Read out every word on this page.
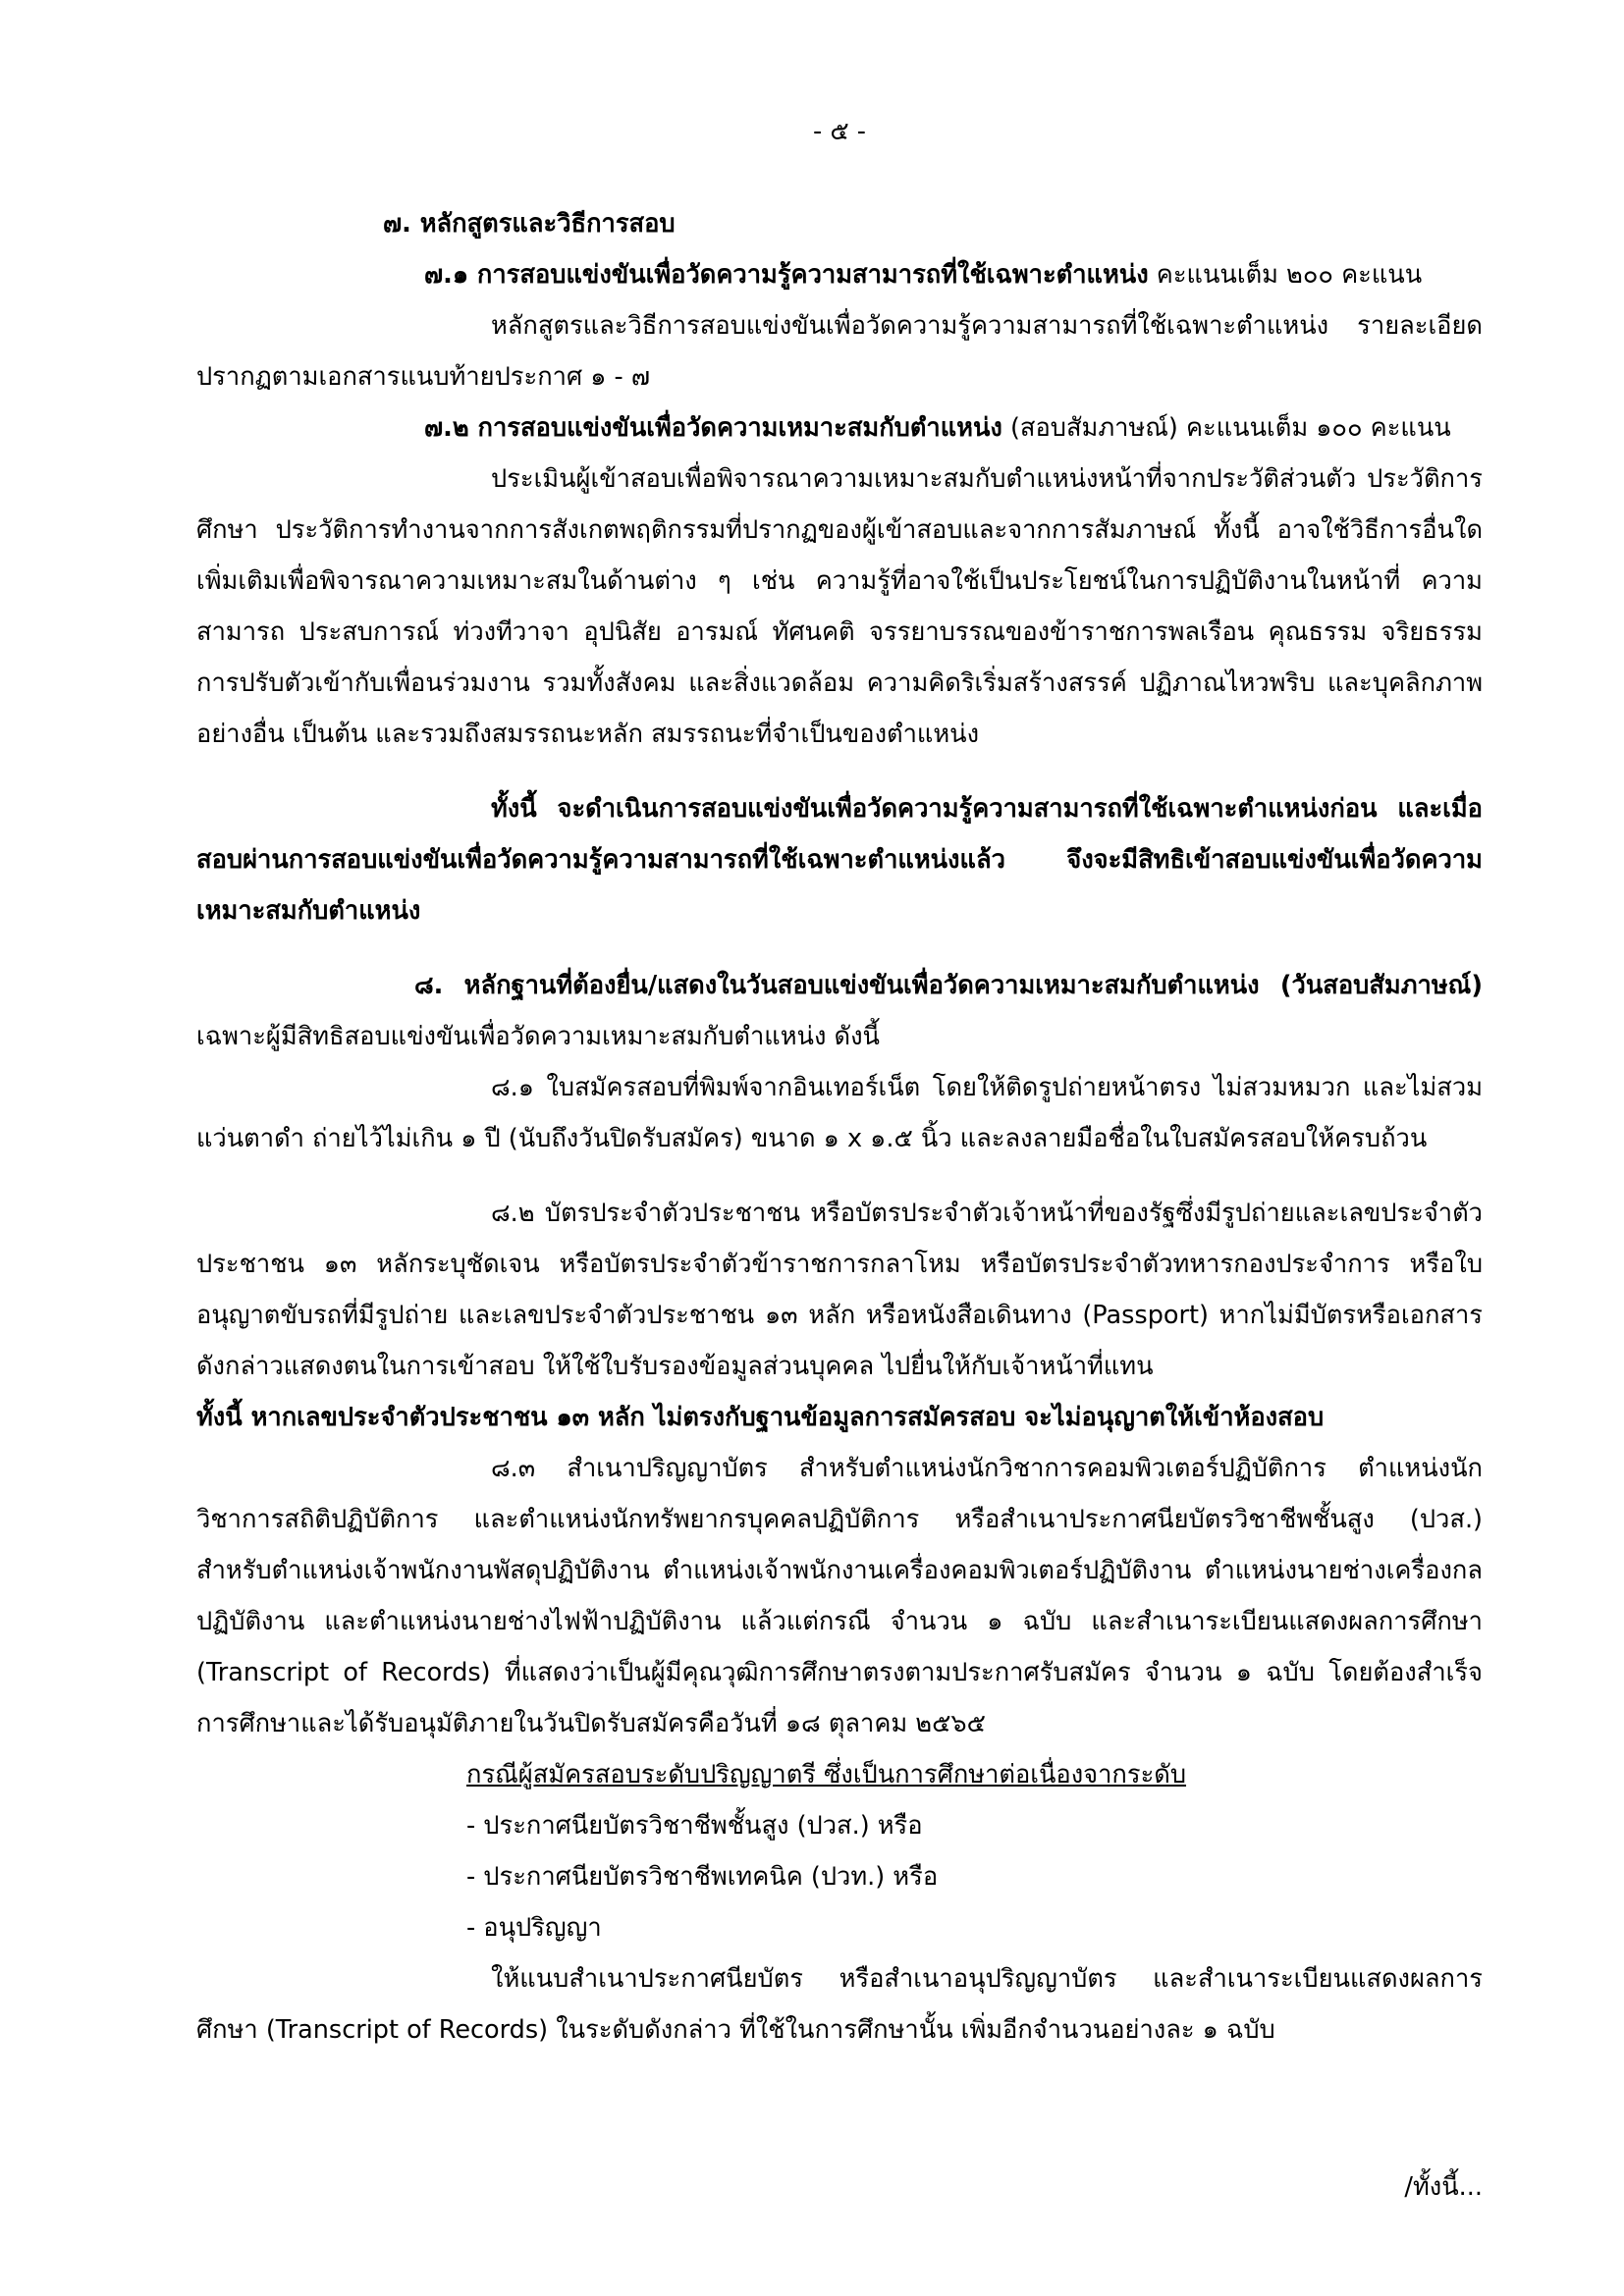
- ๕ -

๗. หลักสูตรและวิธีการสอบ

๗.๑ การสอบแข่งขันเพื่อวัดความรู้ความสามารถที่ใช้เฉพาะตำแหน่ง คะแนนเต็ม ๒๐๐ คะแนน

หลักสูตรและวิธีการสอบแข่งขันเพื่อวัดความรู้ความสามารถที่ใช้เฉพาะตำแหน่ง รายละเอียดปรากฏตามเอกสารแนบท้ายประกาศ ๑ - ๗

๗.๒ การสอบแข่งขันเพื่อวัดความเหมาะสมกับตำแหน่ง (สอบสัมภาษณ์) คะแนนเต็ม ๑๐๐ คะแนน

ประเมินผู้เข้าสอบเพื่อพิจารณาความเหมาะสมกับตำแหน่งหน้าที่จากประวัติส่วนตัว ประวัติการศึกษา ประวัติการทำงานจากการสังเกตพฤติกรรมที่ปรากฏของผู้เข้าสอบและจากการสัมภาษณ์ ทั้งนี้ อาจใช้วิธีการอื่นใดเพิ่มเติมเพื่อพิจารณาความเหมาะสมในด้านต่าง ๆ เช่น ความรู้ที่อาจใช้เป็นประโยชน์ในการปฏิบัติงานในหน้าที่ ความสามารถ ประสบการณ์ ท่วงทีวาจา อุปนิสัย อารมณ์ ทัศนคติ จรรยาบรรณของข้าราชการพลเรือน คุณธรรม จริยธรรม การปรับตัวเข้ากับเพื่อนร่วมงาน รวมทั้งสังคม และสิ่งแวดล้อม ความคิดริเริ่มสร้างสรรค์ ปฏิภาณไหวพริบ และบุคลิกภาพอย่างอื่น เป็นต้น และรวมถึงสมรรถนะหลัก สมรรถนะที่จำเป็นของตำแหน่ง

ทั้งนี้ จะดำเนินการสอบแข่งขันเพื่อวัดความรู้ความสามารถที่ใช้เฉพาะตำแหน่งก่อน และเมื่อสอบผ่านการสอบแข่งขันเพื่อวัดความรู้ความสามารถที่ใช้เฉพาะตำแหน่งแล้ว จึงจะมีสิทธิเข้าสอบแข่งขันเพื่อวัดความเหมาะสมกับตำแหน่ง

๘. หลักฐานที่ต้องยื่น/แสดงในวันสอบแข่งขันเพื่อวัดความเหมาะสมกับตำแหน่ง (วันสอบสัมภาษณ์) เฉพาะผู้มีสิทธิสอบแข่งขันเพื่อวัดความเหมาะสมกับตำแหน่ง ดังนี้

๘.๑ ใบสมัครสอบที่พิมพ์จากอินเทอร์เน็ต โดยให้ติดรูปถ่ายหน้าตรง ไม่สวมหมวก และไม่สวมแว่นตาดำ ถ่ายไว้ไม่เกิน ๑ ปี (นับถึงวันปิดรับสมัคร) ขนาด ๑ x ๑.๕ นิ้ว และลงลายมือชื่อในใบสมัครสอบให้ครบถ้วน

๘.๒ บัตรประจำตัวประชาชน หรือบัตรประจำตัวเจ้าหน้าที่ของรัฐซึ่งมีรูปถ่ายและเลขประจำตัวประชาชน ๑๓ หลักระบุชัดเจน หรือบัตรประจำตัวข้าราชการกลาโหม หรือบัตรประจำตัวทหารกองประจำการ หรือใบอนุญาตขับรถที่มีรูปถ่าย และเลขประจำตัวประชาชน ๑๓ หลัก หรือหนังสือเดินทาง (Passport) หากไม่มีบัตรหรือเอกสารดังกล่าวแสดงตนในการเข้าสอบ ให้ใช้ใบรับรองข้อมูลส่วนบุคคล ไปยื่นให้กับเจ้าหน้าที่แทน

ทั้งนี้ หากเลขประจำตัวประชาชน ๑๓ หลัก ไม่ตรงกับฐานข้อมูลการสมัครสอบ จะไม่อนุญาตให้เข้าห้องสอบ

๘.๓ สำเนาปริญญาบัตร สำหรับตำแหน่งนักวิชาการคอมพิวเตอร์ปฏิบัติการ ตำแหน่งนักวิชาการสถิติปฏิบัติการ และตำแหน่งนักทรัพยากรบุคคลปฏิบัติการ หรือสำเนาประกาศนียบัตรวิชาชีพชั้นสูง (ปวส.) สำหรับตำแหน่งเจ้าพนักงานพัสดุปฏิบัติงาน ตำแหน่งเจ้าพนักงานเครื่องคอมพิวเตอร์ปฏิบัติงาน ตำแหน่งนายช่างเครื่องกลปฏิบัติงาน และตำแหน่งนายช่างไฟฟ้าปฏิบัติงาน แล้วแต่กรณี จำนวน ๑ ฉบับ และสำเนาระเบียนแสดงผลการศึกษา (Transcript of Records) ที่แสดงว่าเป็นผู้มีคุณวุฒิการศึกษาตรงตามประกาศรับสมัคร จำนวน ๑ ฉบับ โดยต้องสำเร็จการศึกษาและได้รับอนุมัติภายในวันปิดรับสมัครคือวันที่ ๑๘ ตุลาคม ๒๕๖๕

กรณีผู้สมัครสอบระดับปริญญาตรี ซึ่งเป็นการศึกษาต่อเนื่องจากระดับ

- ประกาศนียบัตรวิชาชีพชั้นสูง (ปวส.) หรือ

- ประกาศนียบัตรวิชาชีพเทคนิค (ปวท.) หรือ

- อนุปริญญา

ให้แนบสำเนาประกาศนียบัตร หรือสำเนาอนุปริญญาบัตร และสำเนาระเบียนแสดงผลการศึกษา (Transcript of Records) ในระดับดังกล่าว ที่ใช้ในการศึกษานั้น เพิ่มอีกจำนวนอย่างละ ๑ ฉบับ

/ทั้งนี้...
